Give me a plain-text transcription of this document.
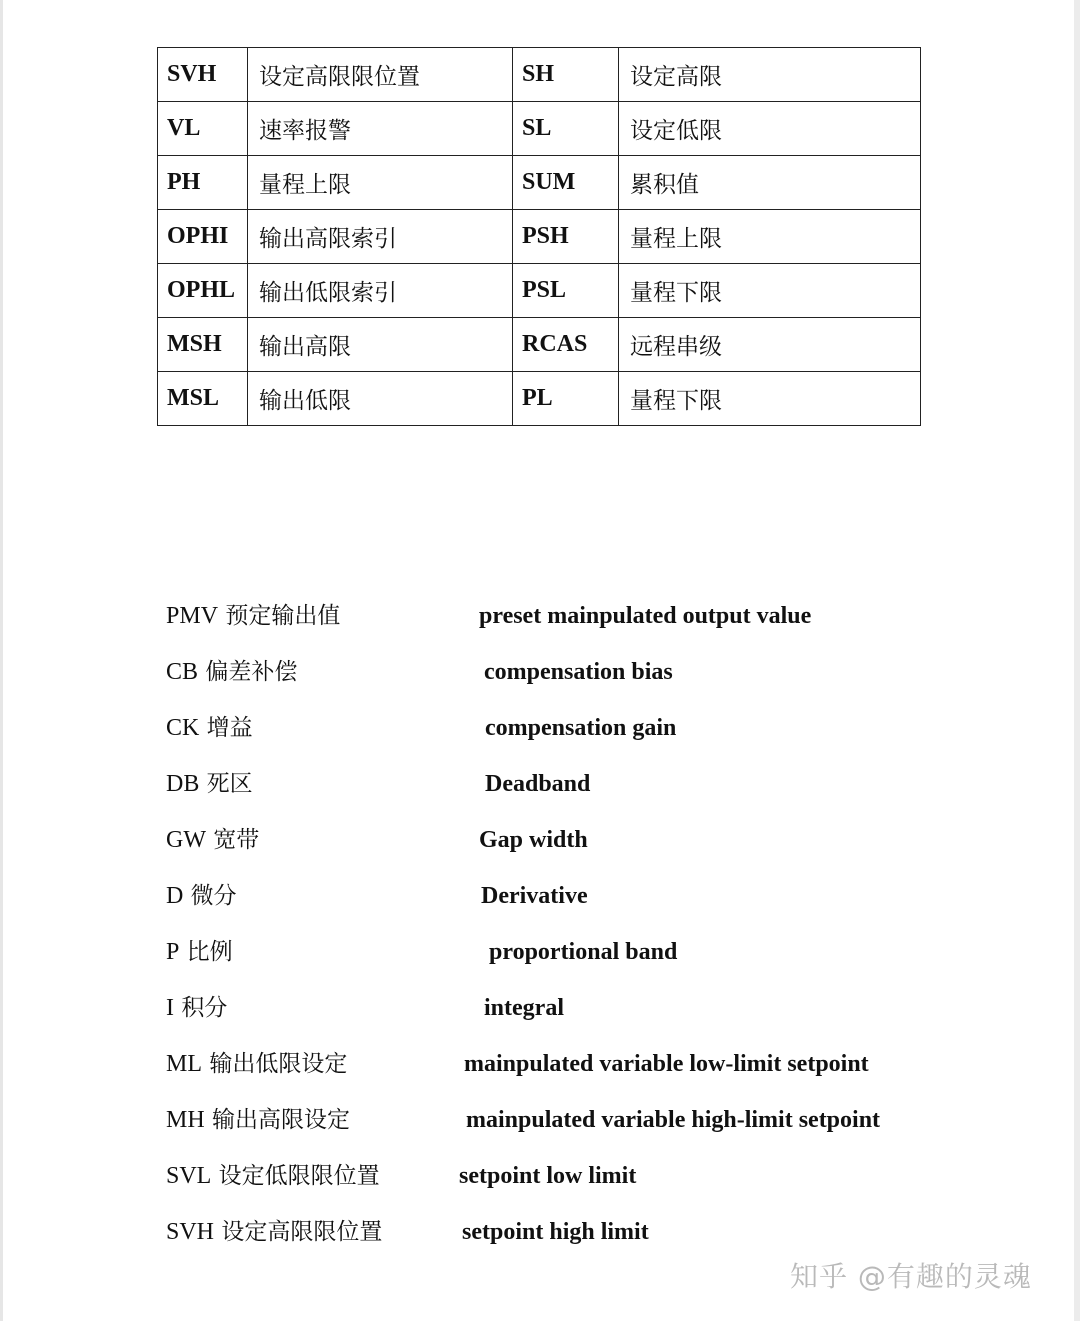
SVH	设定高限限位置	SH	设定高限
VL	速率报警	SL	设定低限
PH	量程上限	SUM	累积值
OPHI	输出高限索引	PSH	量程上限
OPHL	输出低限索引	PSL	量程下限
MSH	输出高限	RCAS	远程串级
MSL	输出低限	PL	量程下限
PMV 预定输出值	preset mainpulated output value
CB 偏差补偿	compensation bias
CK 增益	compensation gain
DB 死区	Deadband
GW 宽带	Gap width
D 微分	Derivative
P 比例	proportional band
I 积分	integral
ML 输出低限设定	mainpulated variable low-limit setpoint
MH 输出高限设定	mainpulated variable high-limit setpoint
SVL 设定低限限位置	setpoint low limit
SVH 设定高限限位置	setpoint high limit
知乎 @有趣的灵魂
